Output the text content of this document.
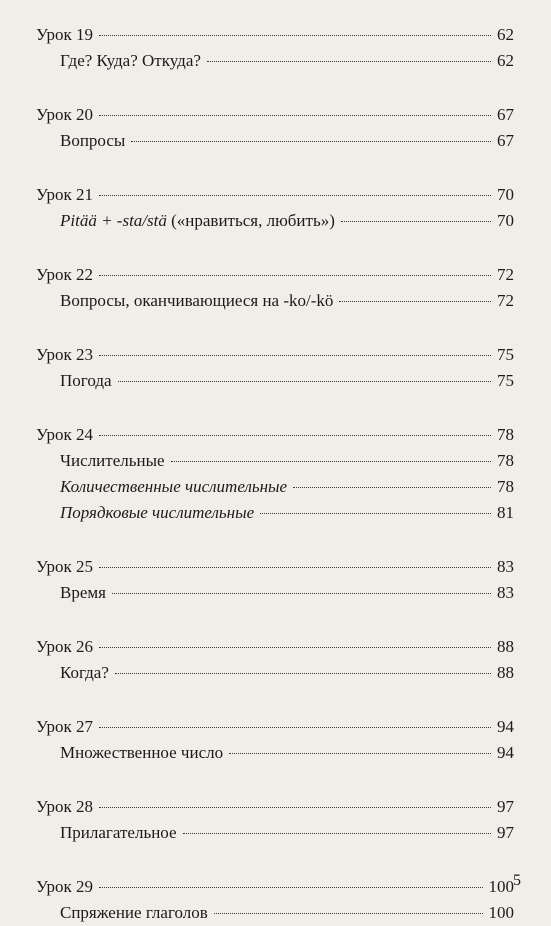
Урок 19	62
Где? Куда? Откуда?	62
Урок 20	67
Вопросы	67
Урок 21	70
Pitää + -sta/stä («нравиться, любить»)	70
Урок 22	72
Вопросы, оканчивающиеся на -ko/-kö	72
Урок 23	75
Погода	75
Урок 24	78
Числительные	78
Количественные числительные	78
Порядковые числительные	81
Урок 25	83
Время	83
Урок 26	88
Когда?	88
Урок 27	94
Множественное число	94
Урок 28	97
Прилагательное	97
Урок 29	100
Спряжение глаголов	100
5
